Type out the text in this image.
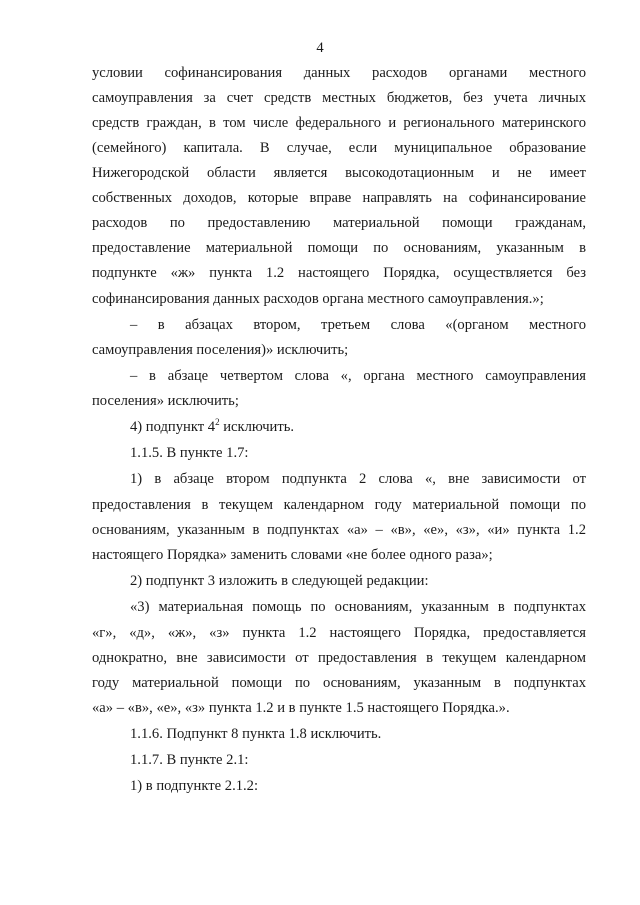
4
условии софинансирования данных расходов органами местного
самоуправления за счет средств местных бюджетов, без учета личных
средств граждан, в том числе федерального и регионального материнского
(семейного) капитала. В случае, если муниципальное образование
Нижегородской области является высокодотационным и не имеет
собственных доходов, которые вправе направлять на софинансирование
расходов по предоставлению материальной помощи гражданам,
предоставление материальной помощи по основаниям, указанным в
подпункте «ж» пункта 1.2 настоящего Порядка, осуществляется без
софинансирования данных расходов органа местного самоуправления.»;
– в абзацах втором, третьем слова «(органом местного
самоуправления поселения)» исключить;
– в абзаце четвертом слова «, органа местного самоуправления
поселения» исключить;
4) подпункт $4^2$ исключить.
1.1.5. В пункте 1.7:
1) в абзаце втором подпункта 2 слова «, вне зависимости от
предоставления в текущем календарном году материальной помощи по
основаниям, указанным в подпунктах «а» – «в», «е», «з», «и» пункта 1.2
настоящего Порядка» заменить словами «не более одного раза»;
2) подпункт 3 изложить в следующей редакции:
«3) материальная помощь по основаниям, указанным в подпунктах
«г», «д», «ж», «з» пункта 1.2 настоящего Порядка, предоставляется
однократно, вне зависимости от предоставления в текущем календарном
году материальной помощи по основаниям, указанным в подпунктах
«а» – «в», «е», «з» пункта 1.2 и в пункте 1.5 настоящего Порядка.».
1.1.6. Подпункт 8 пункта 1.8 исключить.
1.1.7. В пункте 2.1:
1) в подпункте 2.1.2:
